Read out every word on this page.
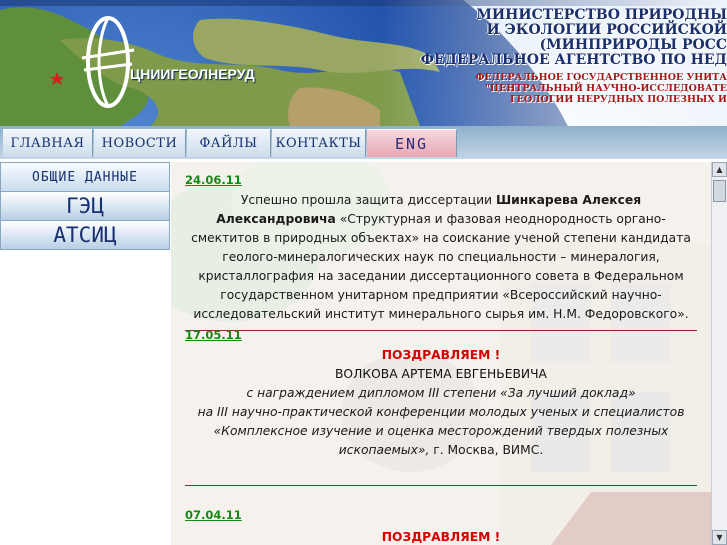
ЦНИИГЕОЛНЕРУД
МИНИСТЕРСТВО ПРИРОДНЫ
И ЭКОЛОГИИ РОССИЙСКОЙ
(МИНПРИРОДЫ РОСС
ФЕДЕРАЛЬНОЕ АГЕНТСТВО ПО НЕД
ФЕДЕРАЛЬНОЕ ГОСУДАРСТВЕННОЕ УНИТА
"ЦЕНТРАЛЬНЫЙ НАУЧНО-ИССЛЕДОВАТЕ
ГЕОЛОГИИ НЕРУДНЫХ ПОЛЕЗНЫХ И
ГЛАВНАЯ	НОВОСТИ	ФАЙЛЫ	КОНТАКТЫ	ENG
ОБЩИЕ ДАННЫЕ
ГЭЦ
АТСИЦ
24.06.11
Успешно прошла защита диссертации Шинкарева Алексея Александровича «Структурная и фазовая неоднородность органо-смектитов в природных объектах» на соискание ученой степени кандидата геолого-минералогических наук по специальности – минералогия, кристаллография на заседании диссертационного совета в Федеральном государственном унитарном предприятии «Всероссийский научно-исследовательский институт минерального сырья им. Н.М. Федоровского».
17.05.11
ПОЗДРАВЛЯЕМ !
ВОЛКОВА АРТЕМА ЕВГЕНЬЕВИЧА
с награждением дипломом III степени «За лучший доклад»
на III научно-практической конференции молодых ученых и специалистов
«Комплексное изучение и оценка месторождений твердых полезных ископаемых», г. Москва, ВИМС.
07.04.11
ПОЗДРАВЛЯЕМ !
▲
▼
